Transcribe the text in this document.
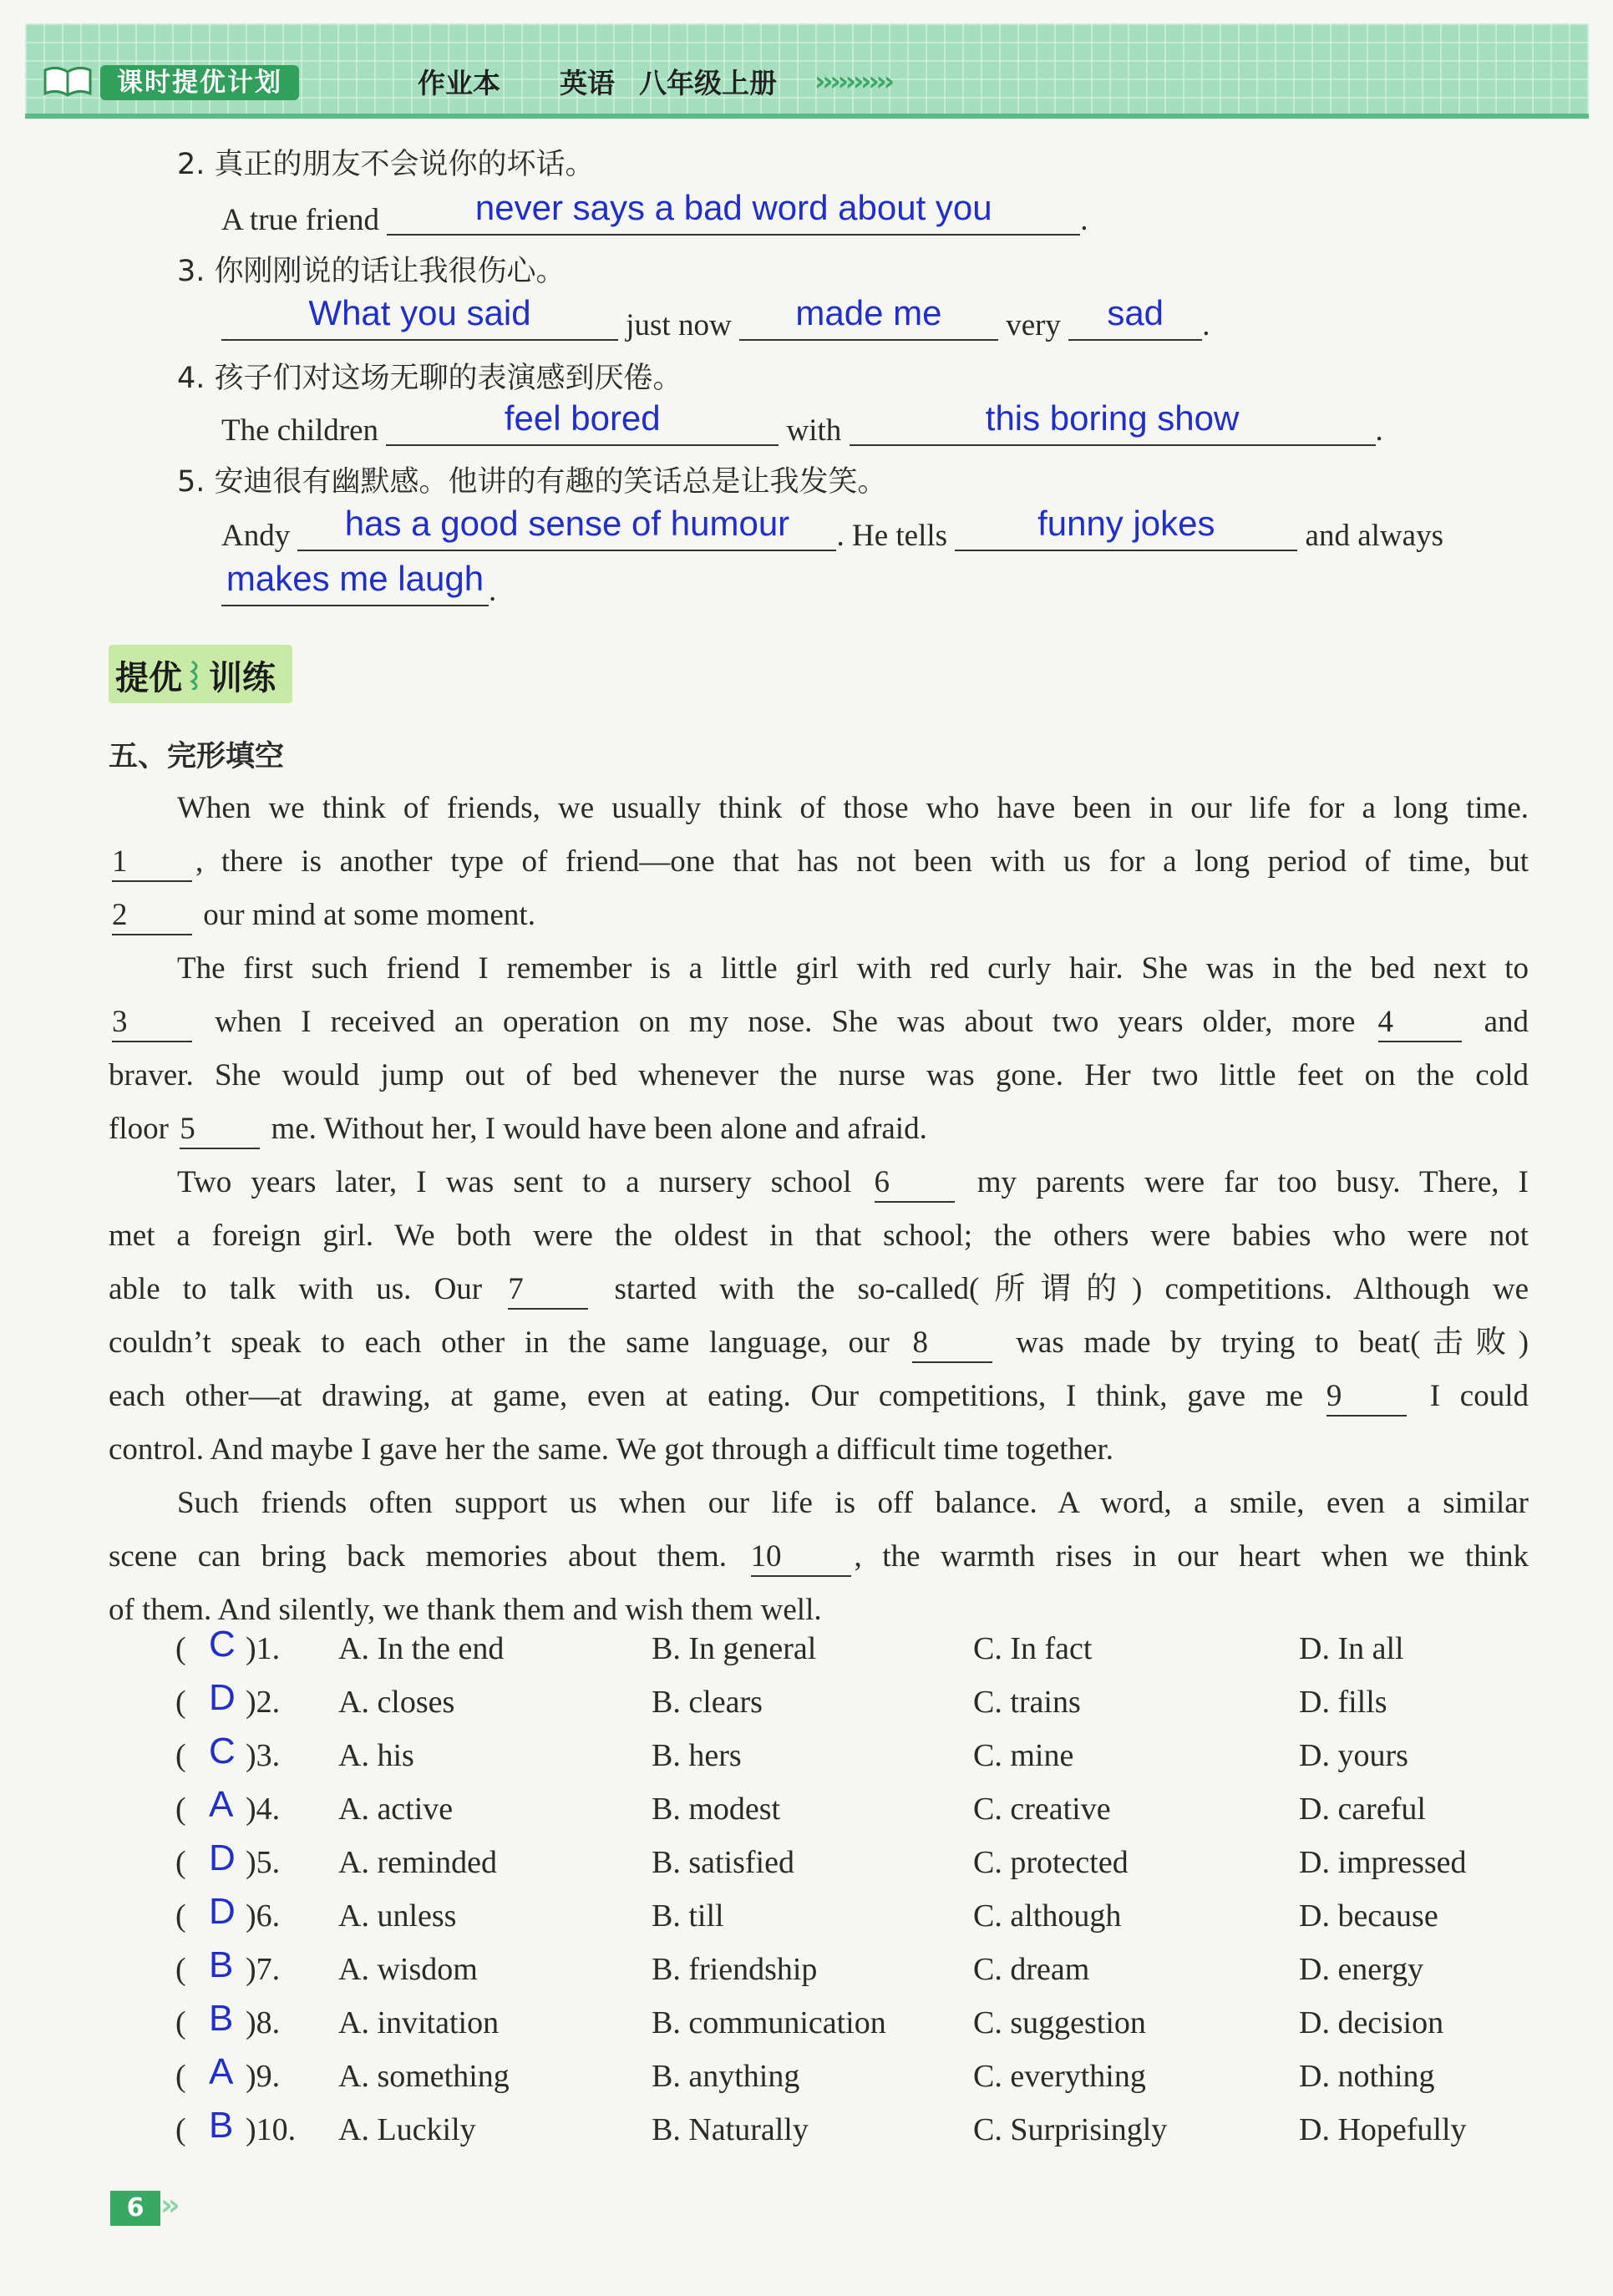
课时提优计划	作业本 英语 八年级上册 ››››››››››
2. 真正的朋友不会说你的坏话。
A true friend	never says a bad word about you	.
3. 你刚刚说的话让我很伤心。
What you said	just now made me very sad .
4. 孩子们对这场无聊的表演感到厌倦。
The children	feel bored	with	this boring show	.
5. 安迪很有幽默感。他讲的有趣的笑话总是让我发笑。
Andy has a good sense of humour . He tells	funny jokes	and always
makes me laugh .
提优 训练
五、完形填空
When we think of friends, we usually think of those who have been in our life for a long time.
1 , there is another type of friend—one that has not been with us for a long period of time, but
2 our mind at some moment.
The first such friend I remember is a little girl with red curly hair. She was in the bed next to
3	when I received an operation on my nose. She was about two years older, more 4	and
braver. She would jump out of bed whenever the nurse was gone. Her two little feet on the cold
floor 5 me. Without her, I would have been alone and afraid.
Two years later, I was sent to a nursery school 6	my parents were far too busy. There, I
met a foreign girl. We both were the oldest in that school; the others were babies who were not
able to talk with us. Our 7	started with the so-called(所谓的) competitions. Although we
couldn’t speak to each other in the same language, our 8	was made by trying to beat(击败)
each other—at drawing, at game, even at eating. Our competitions, I think, gave me 9	I could
control. And maybe I gave her the same. We got through a difficult time together.
Such friends often support us when our life is off balance. A word, a smile, even a similar
scene can bring back memories about them. 10 , the warmth rises in our heart when we think
of them. And silently, we thank them and wish them well.
( C )1. A. In the end	B. In general	C. In fact	D. In all
( D )2. A. closes	B. clears	C. trains	D. fills
( C )3. A. his	B. hers	C. mine	D. yours
( A )4. A. active	B. modest	C. creative	D. careful
( D )5. A. reminded	B. satisfied	C. protected	D. impressed
( D )6. A. unless	B. till	C. although	D. because
( B )7. A. wisdom	B. friendship	C. dream	D. energy
( B )8. A. invitation	B. communication	C. suggestion	D. decision
( A )9. A. something	B. anything	C. everything	D. nothing
( B )10. A. Luckily	B. Naturally	C. Surprisingly	D. Hopefully
6 ››
